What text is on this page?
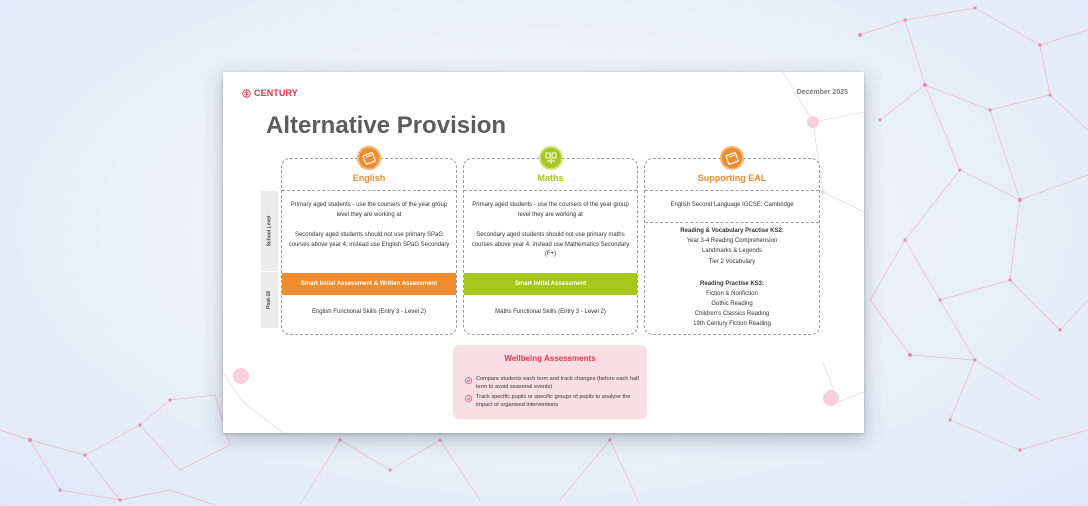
CENTURY	December 2025
Alternative Provision
School Level
Post-16
English
Primary aged students - use the course/s of the year group level they are working at
Secondary aged students should not use primary SPaG courses above year 4, instead use English SPaG Secondary
Smart Initial Assessment & Written Assessment
English Functional Skills (Entry 3 - Level 2)
Maths
Primary aged students - use the course/s of the year group level they are working at
Secondary aged students should not use primary maths courses above year 4, instead use Mathematics Secondary (F+)
Smart Initial Assessment
Maths Functional Skills (Entry 3 - Level 2)
Supporting EAL
English Second Language IGCSE: Cambridge
Reading & Vocabulary Practise KS2:
Year 3-4 Reading Comprehension
Landmarks & Legends
Tier 2 Vocabulary
Reading Practise KS3:
Fiction & Nonfiction
Gothic Reading
Children's Classics Reading
19th Century Fiction Reading
Wellbeing Assessments
Compare students each term and track changes (before each half term to avoid seasonal events)
Track specific pupils or specific groups of pupils to analyse the impact of organised interventions
